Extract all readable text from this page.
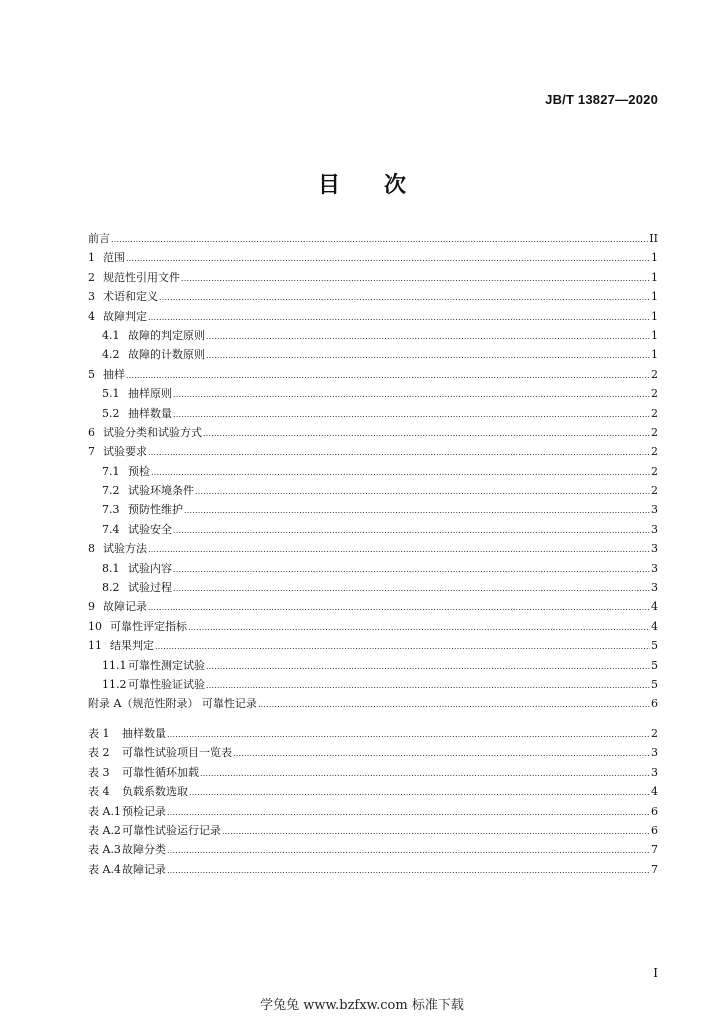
JB/T 13827—2020
目 次
前言 .....	II
1 范围 .....	1
2 规范性引用文件 .....	1
3 术语和定义 .....	1
4 故障判定 .....	1
4.1 故障的判定原则 .....	1
4.2 故障的计数原则 .....	1
5 抽样 .....	2
5.1 抽样原则 .....	2
5.2 抽样数量 .....	2
6 试验分类和试验方式 .....	2
7 试验要求 .....	2
7.1 预检 .....	2
7.2 试验环境条件 .....	2
7.3 预防性维护 .....	3
7.4 试验安全 .....	3
8 试验方法 .....	3
8.1 试验内容 .....	3
8.2 试验过程 .....	3
9 故障记录 .....	4
10 可靠性评定指标 .....	4
11 结果判定 .....	5
11.1 可靠性测定试验 .....	5
11.2 可靠性验证试验 .....	5
附录 A（规范性附录） 可靠性记录 .....	6
表 1	抽样数量 .....	2
表 2	可靠性试验项目一览表 .....	3
表 3	可靠性循环加载 .....	3
表 4	负载系数选取 .....	4
表 A.1 预检记录 .....	6
表 A.2 可靠性试验运行记录 .....	6
表 A.3 故障分类 .....	7
表 A.4 故障记录 .....	7
I
学兔兔 www.bzfxw.com 标准下载
